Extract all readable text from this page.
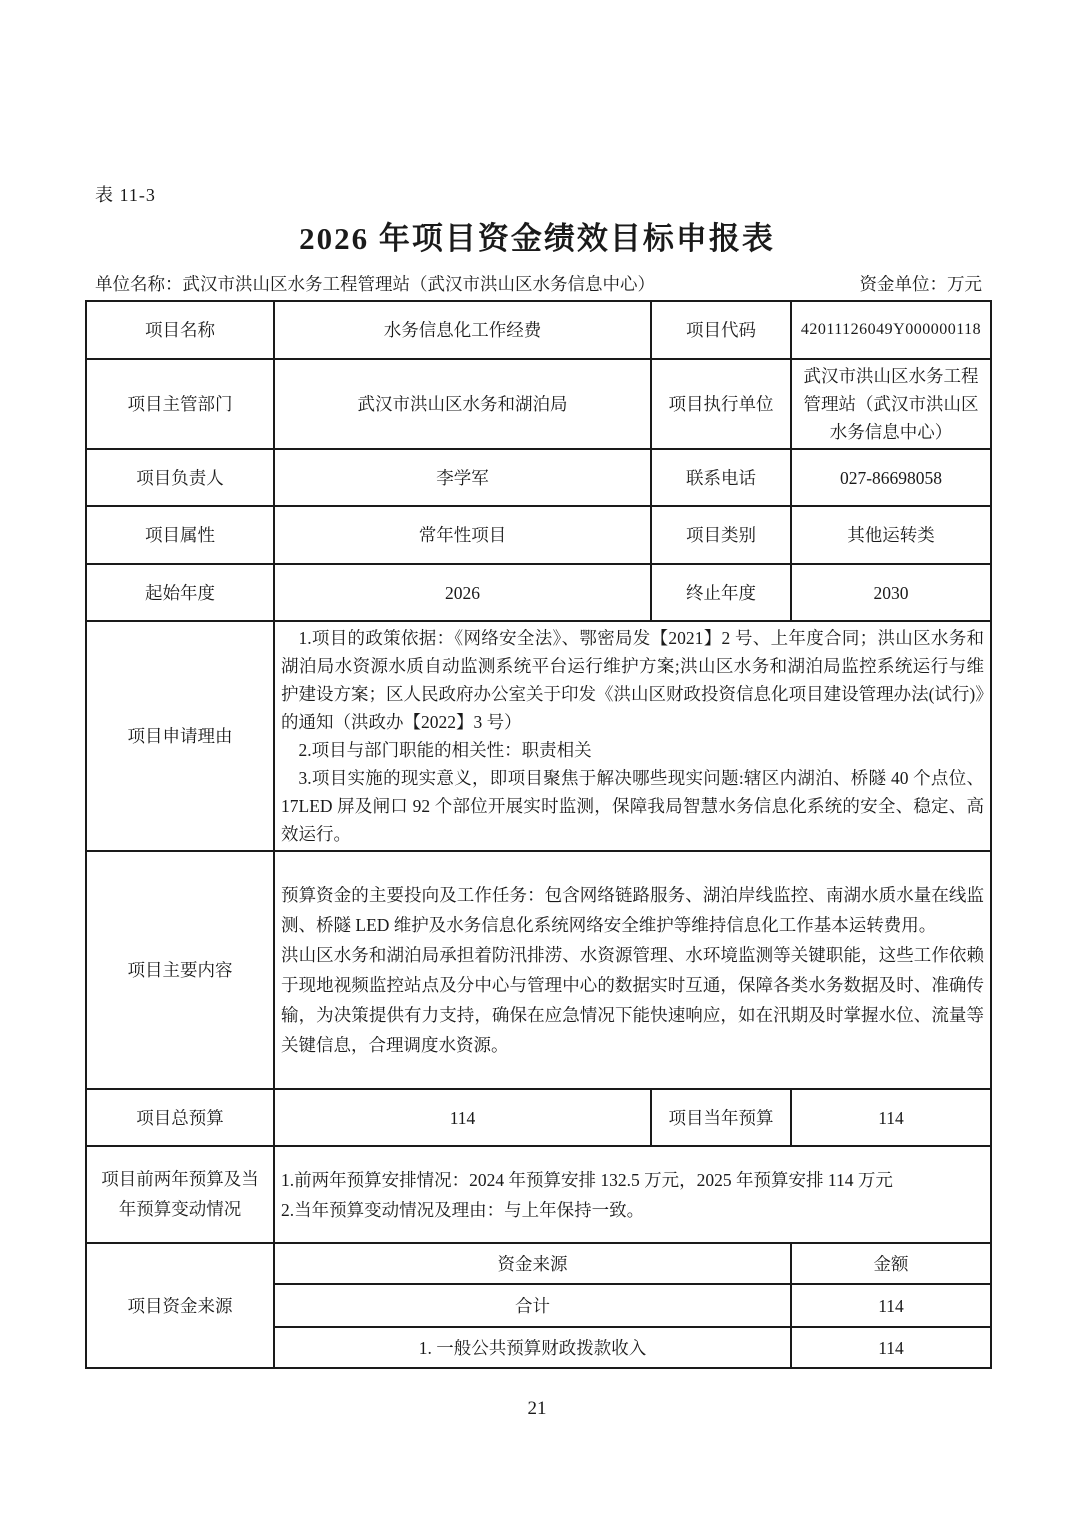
表 11-3
2026 年项目资金绩效目标申报表
单位名称：武汉市洪山区水务工程管理站（武汉市洪山区水务信息中心）	资金单位：万元
项目名称	水务信息化工作经费	项目代码	42011126049Y000000118
项目主管部门	武汉市洪山区水务和湖泊局	项目执行单位	武汉市洪山区水务工程管理站（武汉市洪山区水务信息中心）
项目负责人	李学军	联系电话	027-86698058
项目属性	常年性项目	项目类别	其他运转类
起始年度	2026	终止年度	2030
项目申请理由	1.项目的政策依据：《网络安全法》、鄂密局发【2021】2 号、上年度合同；洪山区水务和湖泊局水资源水质自动监测系统平台运行维护方案;洪山区水务和湖泊局监控系统运行与维护建设方案；区人民政府办公室关于印发《洪山区财政投资信息化项目建设管理办法(试行)》的通知（洪政办【2022】3 号）

2.项目与部门职能的相关性：职责相关

3.项目实施的现实意义，即项目聚焦于解决哪些现实问题:辖区内湖泊、桥隧 40 个点位、17LED 屏及闸口 92 个部位开展实时监测，保障我局智慧水务信息化系统的安全、稳定、高效运行。		

项目主要内容	预算资金的主要投向及工作任务：包含网络链路服务、湖泊岸线监控、南湖水质水量在线监测、桥隧 LED 维护及水务信息化系统网络安全维护等维持信息化工作基本运转费用。

洪山区水务和湖泊局承担着防汛排涝、水资源管理、水环境监测等关键职能，这些工作依赖于现地视频监控站点及分中心与管理中心的数据实时互通，保障各类水务数据及时、准确传输，为决策提供有力支持，确保在应急情况下能快速响应，如在汛期及时掌握水位、流量等关键信息，合理调度水资源。		

项目总预算	114	项目当年预算	114
项目前两年预算及当年预算变动情况	1.前两年预算安排情况：2024 年预算安排 132.5 万元，2025 年预算安排 114 万元

2.当年预算变动情况及理由：与上年保持一致。		

项目资金来源	资金来源		金额
	合计		114
	1. 一般公共预算财政拨款收入		114
21
